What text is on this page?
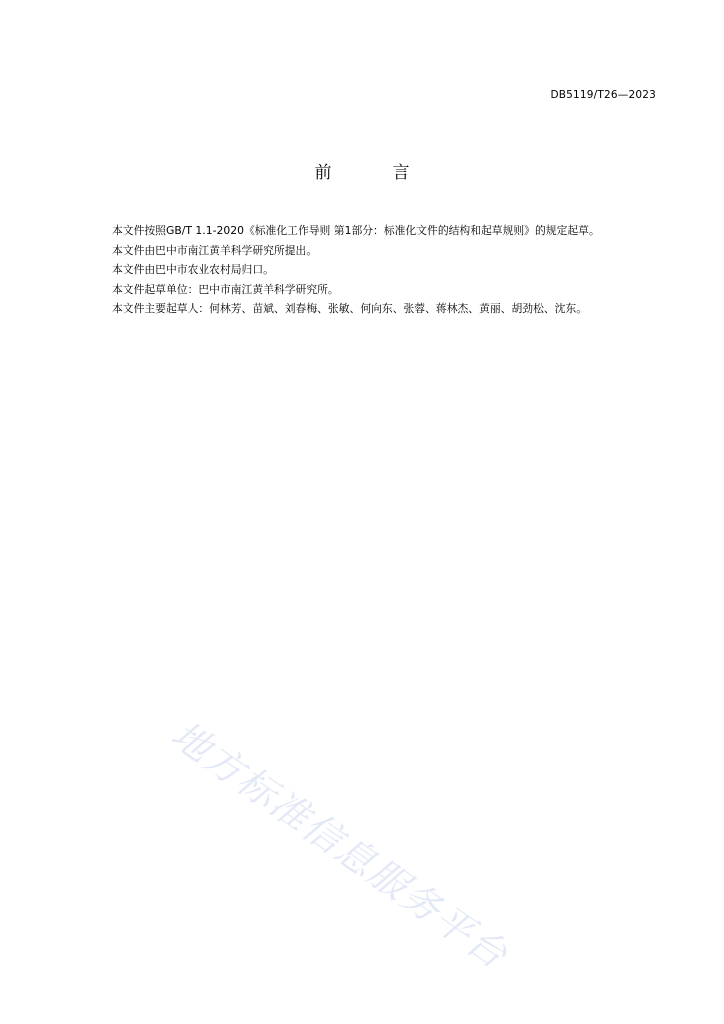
DB5119/T26—2023
前　言

本文件按照GB/T 1.1-2020《标准化工作导则 第1部分：标准化文件的结构和起草规则》的规定起草。

本文件由巴中市南江黄羊科学研究所提出。

本文件由巴中市农业农村局归口。

本文件起草单位：巴中市南江黄羊科学研究所。

本文件主要起草人：何林芳、苗斌、刘春梅、张敏、何向东、张蓉、蒋林杰、黄丽、胡劲松、沈东。

地方标准信息服务平台
